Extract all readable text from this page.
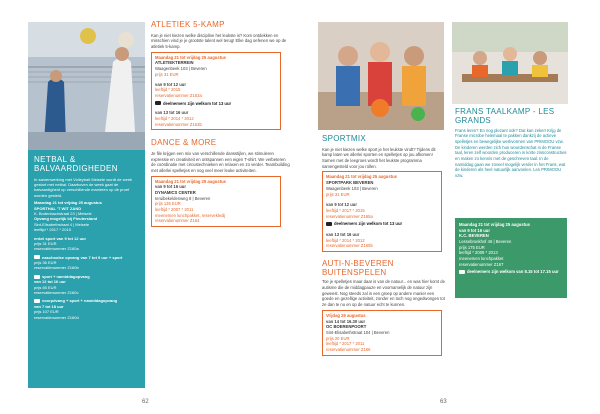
NETBAL &
BALVAARDIGHEDEN
In samenwerking met Volleybalt Melsele wordt de week gestart met netbal. Daarboven de week gaat de balvaardigheid op verschillende manieren op de proef worden gesteld.
Maandag 21 tot vrijdag 25 augustus
SPORTHAL 'T WIT ZAND
K. Bodenbachstraat 23 | Melsele
Opvang mogelijk bij Pleutersland
Sint-Elisabethstraat 4 | Melsele
leeftijd * 2017 * 2015
enkel sport van 9 tot 12 uur
prijs 31 EUR
reservatienummer Z160a
naschoolse opvang van 7 tot 9 uur + sport
prijs 36 EUR
reservatienummer Z160b
sport + namiddagopvang
van 12 tot 16 uur
prijs 65 EUR
reservatienummer Z160c
voorpdvang + sport + namiddagopvang
van 7 tot 18 uur
prijs 107 EUR
reservatienummer Z160d
ATLETIEK 5-KAMP
Kan je niet kiezen welke discipline het leukste is? Kom ontdekken en misschien vind je je grootste talent wel terug! Elke dag oefenen we op de atletiek 5-kamp.
Maandag 21 tot vrijdag 25 augustus
ATLETIEKTERREIN
Waagenbeek 103 | Beveren
prijs 31 EUR
van 9 tot 12 uur
leeftijd * 2015
reservatienummer Z163a
deelnemers zijn welkom tot 13 uur
van 13 tot 16 uur
leeftijd * 2014 * 2012
reservatienummer Z163b
DANCE & MORE
Je file krijgen een mix van verschillende dansstijlen, we stimuleren expressie en creativiteit en ontspannen een eigen T-shirt. We verbeteren de coördinatie met circustechnieken en relaxen en zo verder. Teambuilding met allerlei spelletjes en nog veel meer leuke activiteiten.
Maandag 21 tot vrijdag 25 augustus
van 9 tot 16 uur
DYNAMICS CENTER
Ieruibekeldenweg 8 | Beveren
prijs 136 EUR
leeftijd * 2007 * 2011
meenemen lunchpakket, reservekledij
reservatienummer Z164
62
SPORTMIX
Kan je niet kiezen welke sport je het leukste vindt? Tijdens dit kamp laten we allerlei sporten en spelletjes op jou afkomen! Samen met de leegroes wordt het leukste programma samengesteld voor jou rollen.
Maandag 21 tot vrijdag 25 augustus
SPORTPARK BEVEREN
Waagenbeek 103 | Beveren
prijs 31 EUR
van 9 tot 12 uur
leeftijd * 2017 * 2015
reservatienummer Z165a
deelnemers zijn welkom tot 13 uur
van 13 tot 16 uur
leeftijd * 2014 * 2012
reservatienummer Z165b
AUTI-N-BEVEREN
BUITENSPELEN
Toe je spelletjes maar daar is van de natuur... en was hier komt de autisme die de middagpauze en voornamelijk de natuur zijn geweest. Nog steeds zal in een groep op andere manier een goede en gezellige activiteit, zonder en toch nog ongedwongen tot ze dan te nu en op de natuur echt te kunnen.
Vrijdag 25 augustus
van 14 tot 16.30 uur
OC BOERENPOORT
Sint-Elisabethstraat 104 | Beveren
prijs 20 EUR
leeftijd * 2017 * 2011
reservatienummer Z166
FRANS TAALKAMP - LES
GRANDS
Frans leren? En nog plezant ook? Dat kan zeker! Krijg de Franse microbe helemaal te pakken dankzij de actieve spelletjes en bewegelijke werkvormen van PRIMOOU vzw. De kinderen werden zich hun woordenschat in de Franse taal, leren zelf woorden produceren in korte zinsconstructies en maken zo kennis met de geschreven taal. In de namiddag gaan we zoveel mogelijk verder in het Frans, wat de kinderen als heel natuurlijk aanvoelen. Les PRIMOOU vzw.
Maandag 21 tot vrijdag 25 augustus
van 9 tot 16 uur
K.C. BEVEREN
Lessebroekhof 46 | Beveren
prijs 175 EUR
leeftijd * 2009 * 2013
meenemen lunchpakket
reservatienummer Z167
deelnemers zijn welkom van 8.15 tot 17.15 uur
63
